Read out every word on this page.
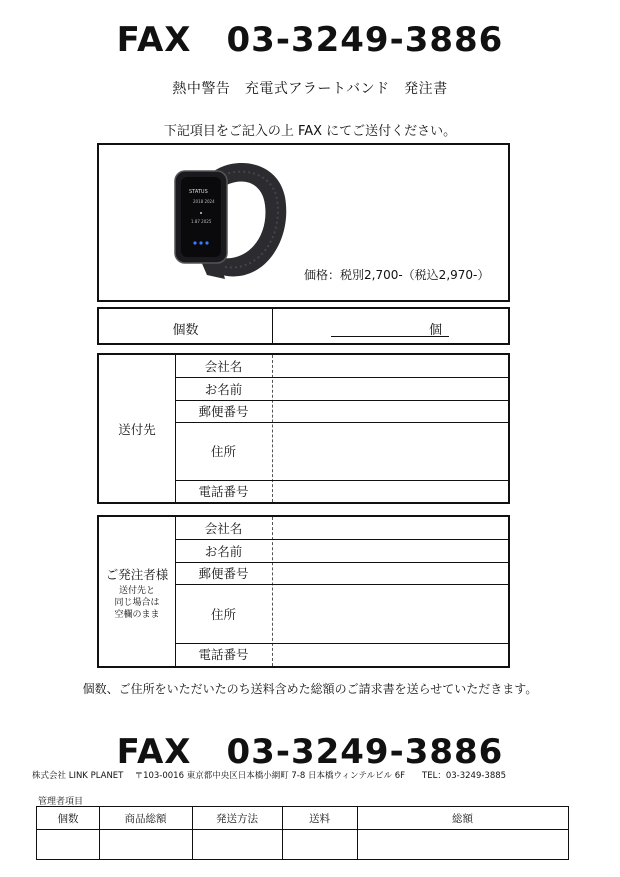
FAX　03-3249-3886
熱中警告　充電式アラートバンド　発注書
下記項目をご記入の上 FAX にてご送付ください。
STATUS
2018 2024
1.87 2025
価格：税別2,700-（税込2,970-）
個数	個
送付先
会社名
お名前
郵便番号
住所
電話番号
ご発注者様
送付先と
同じ場合は
空欄のまま
会社名
お名前
郵便番号
住所
電話番号
個数、ご住所をいただいたのち送料含めた総額のご請求書を送らせていただきます。
FAX　03-3249-3886
株式会社 LINK PLANET　 〒103-0016 東京都中央区日本橋小網町 7-8 日本橋ウィンテルビル 6F　　TEL：03-3249-3885
管理者項目
個数	商品総額	発送方法	送料	総額
